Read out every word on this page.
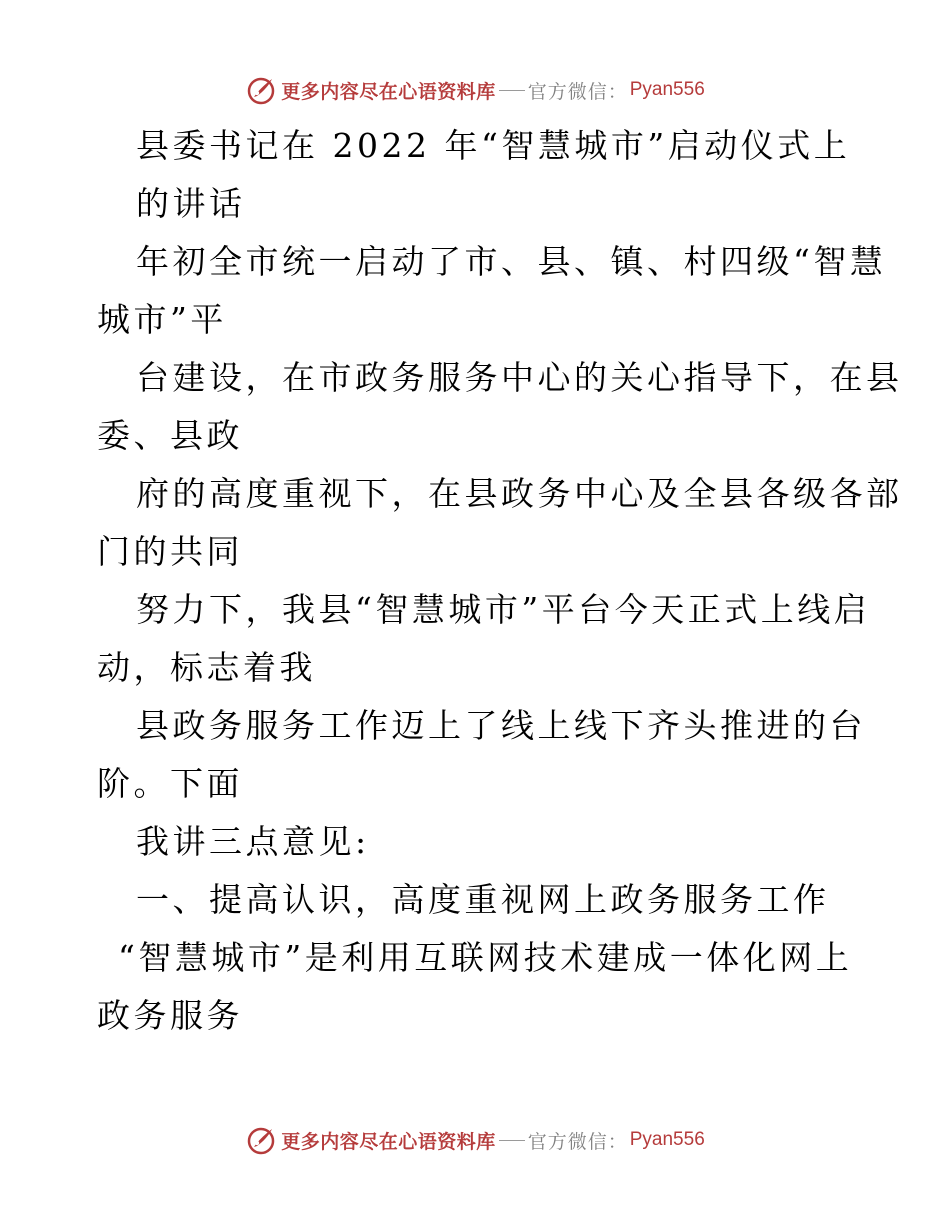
更多内容尽在心语资料库 官方微信： Pyan556
县委书记在 2022 年“智慧城市”启动仪式上
的讲话
年初全市统一启动了市、县、镇、村四级“智慧
城市”平
台建设，在市政务服务中心的关心指导下，在县
委、县政
府的高度重视下，在县政务中心及全县各级各部
门的共同
努力下，我县“智慧城市”平台今天正式上线启
动，标志着我
县政务服务工作迈上了线上线下齐头推进的台
阶。下面
我讲三点意见:
一、提高认识，高度重视网上政务服务工作
“智慧城市”是利用互联网技术建成一体化网上
政务服务
更多内容尽在心语资料库 官方微信： Pyan556
